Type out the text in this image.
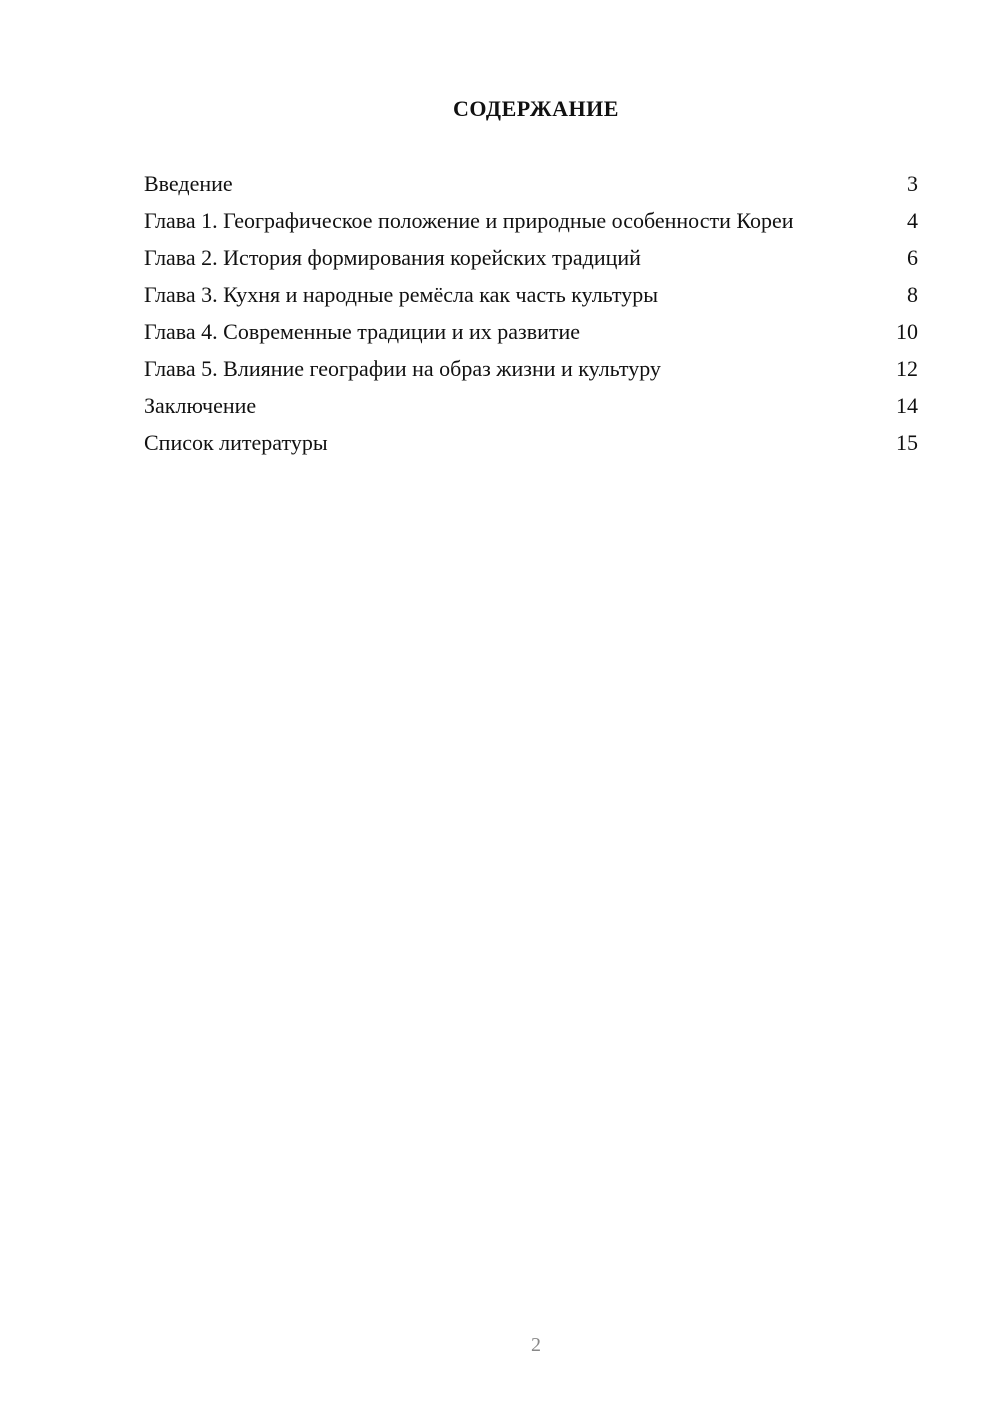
СОДЕРЖАНИЕ
Введение	3
Глава 1. Географическое положение и природные особенности Кореи	4
Глава 2. История формирования корейских традиций	6
Глава 3. Кухня и народные ремёсла как часть культуры	8
Глава 4. Современные традиции и их развитие	10
Глава 5. Влияние географии на образ жизни и культуру	12
Заключение	14
Список литературы	15
2
